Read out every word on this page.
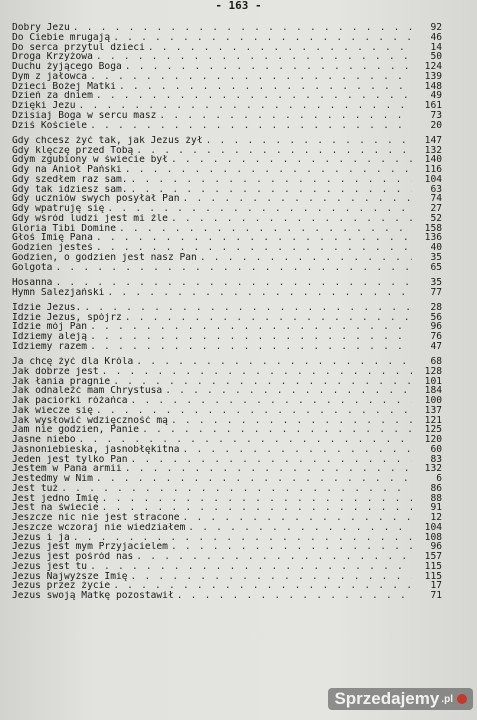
- 163 -
Dobry Jezu . . .	92
Do Ciebie mrugają . . .	46
Do serca przytul dzieci . . .	14
Droga Krzyżowa . . .	50
Duchu żyjącego Boga . . .	124
Dym z jałowca . . .	139
Dzieci Bożej Matki . . .	148
Dzień za dniem . . .	49
Dzięki Jezu . . .	161
Dzisiaj Boga w sercu masz . . .	73
Dziś Kościele . . .	20
Gdy chcesz żyć tak, jak Jezus żył . . .	147
Gdy klęczę przed Tobą . . .	132
Gdym zgubiony w świecie był . . .	140
Gdy na Anioł Pański . . .	116
Gdy szedłem raz sam. . . .	104
Gdy tak idziesz sam. . . .	63
Gdy uczniów swych posyłał Pan . . .	74
Gdy wpatruję się . . .	27
Gdy wśród ludzi jest mi źle . . .	52
Gloria Tibi Domine . . .	158
Głoś Imię Pana . . .	136
Godzien jesteś . . .	40
Godzien, o godzien jest nasz Pan . . .	35
Golgota . . .	65
Hosanna . . .	35
Hymn Salezjański . . .	77
Idzie Jezus. . . .	28
Idzie Jezus, spójrz . . .	56
Idzie mój Pan . . .	96
Idziemy aleją . . .	76
Idziemy razem . . .	47
Ja chcę żyć dla Króla . . .	68
Jak dobrze jest . . .	128
Jak łania pragnie . . .	101
Jak odnaleźć mam Chrystusa . . .	184
Jak paciorki różańca . . .	100
Jak wiecze się . . .	137
Jak wysłowić wdzięczność mą . . .	121
Jam nie godzien, Panie . . .	125
Jasne niebo . . .	120
Jasnoniebieska, jasnobłękitna . . .	60
Jeden jest tylko Pan . . .	83
Jestem w Pana armii . . .	132
Jestedmy w Nim . . .	6
Jest tuż . . .	86
Jest jedno Imię . . .	88
Jest na świecie . . .	91
Jeszcze nic nie jest stracone . . .	12
Jeszcze wczoraj nie wiedziałem . . .	104
Jezus i ja . . .	108
Jezus jest mym Przyjacielem . . .	96
Jezus jest pośród nas . . .	157
Jezus jest tu . . .	115
Jezus Najwyższe Imię . . .	115
Jezus przez życie . . .	17
Jezus swoją Matkę pozostawił . . .	71
Sprzedajemy .pl
